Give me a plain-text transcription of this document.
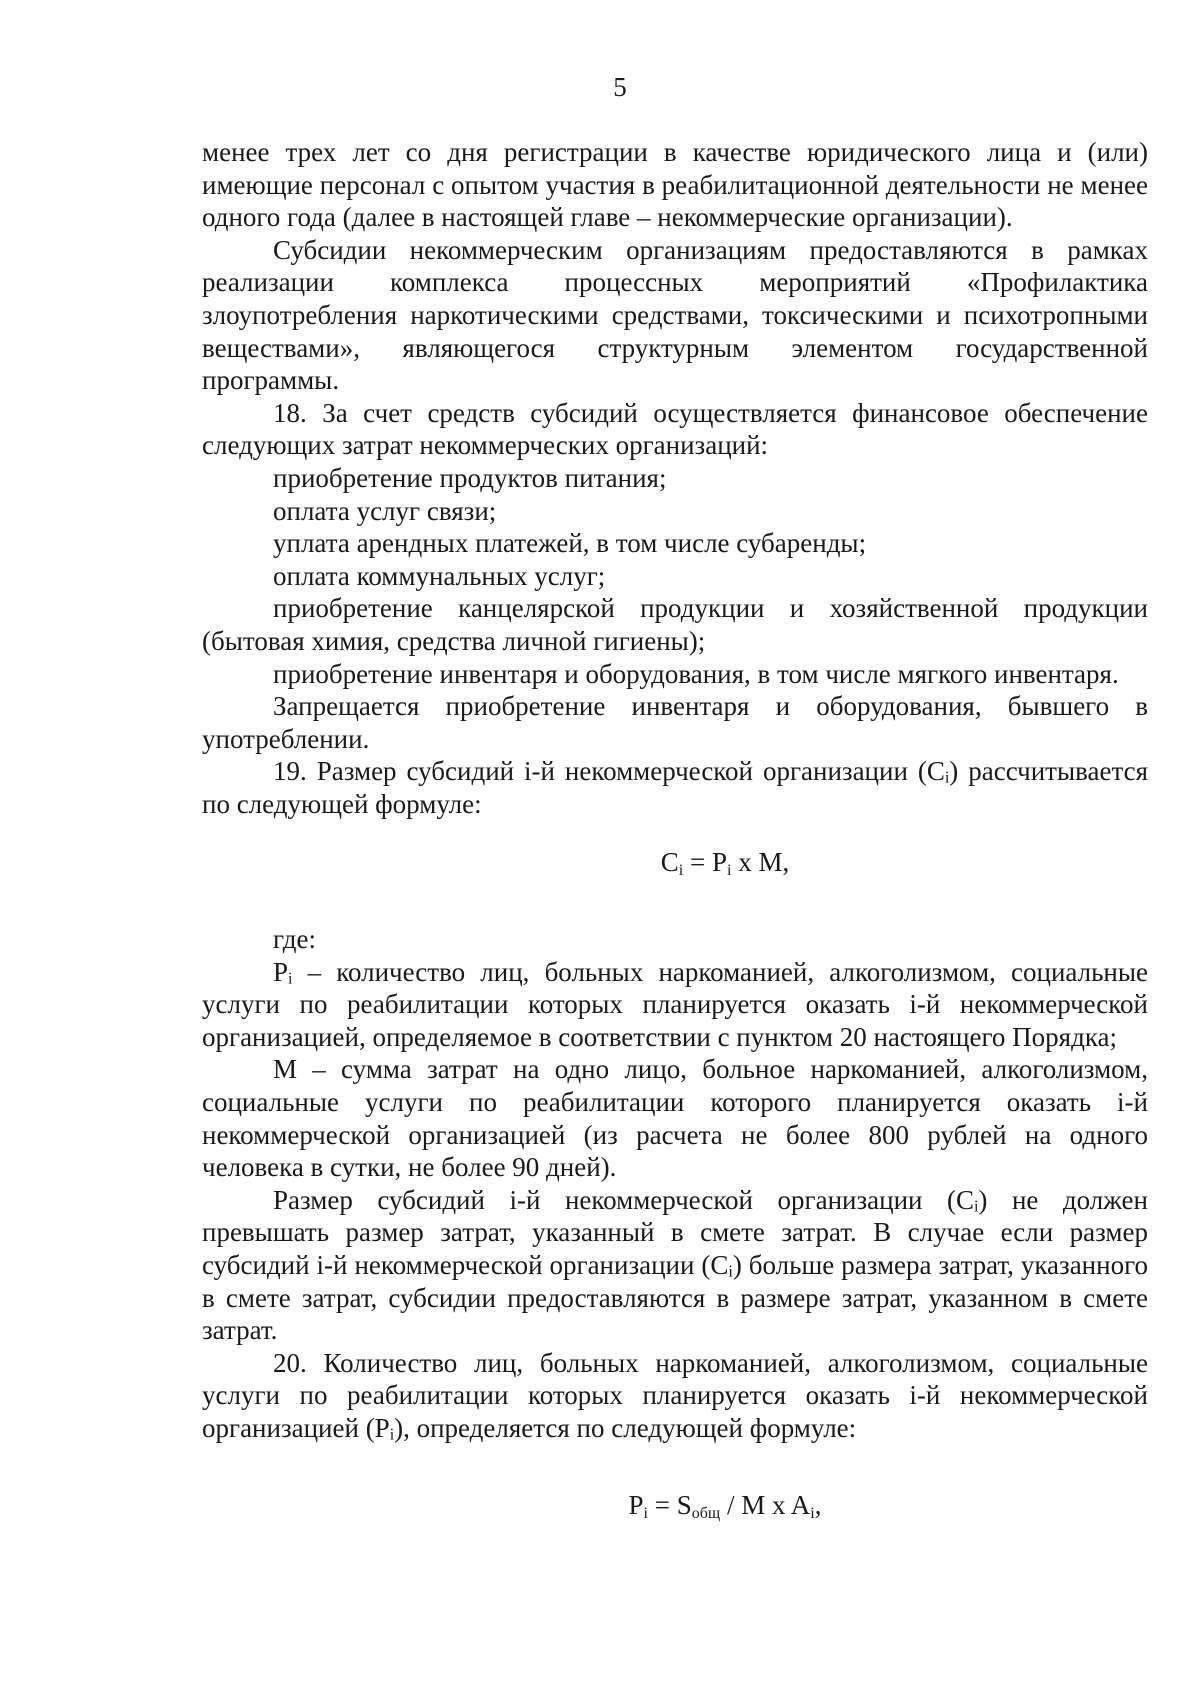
5

менее трех лет со дня регистрации в качестве юридического лица и (или) имеющие персонал с опытом участия в реабилитационной деятельности не менее одного года (далее в настоящей главе – некоммерческие организации).

Субсидии некоммерческим организациям предоставляются в рамках реализации комплекса процессных мероприятий «Профилактика злоупотребления наркотическими средствами, токсическими и психотропными веществами», являющегося структурным элементом государственной программы.

18. За счет средств субсидий осуществляется финансовое обеспечение следующих затрат некоммерческих организаций:

приобретение продуктов питания;

оплата услуг связи;

уплата арендных платежей, в том числе субаренды;

оплата коммунальных услуг;

приобретение канцелярской продукции и хозяйственной продукции (бытовая химия, средства личной гигиены);

приобретение инвентаря и оборудования, в том числе мягкого инвентаря.

Запрещается приобретение инвентаря и оборудования, бывшего в употреблении.

19. Размер субсидий i-й некоммерческой организации (Cᵢ) рассчитывается по следующей формуле:

$C_i = P_i$ x M,

где:

Pᵢ – количество лиц, больных наркоманией, алкоголизмом, социальные услуги по реабилитации которых планируется оказать i-й некоммерческой организацией, определяемое в соответствии с пунктом 20 настоящего Порядка;

М – сумма затрат на одно лицо, больное наркоманией, алкоголизмом, социальные услуги по реабилитации которого планируется оказать i-й некоммерческой организацией (из расчета не более 800 рублей на одного человека в сутки, не более 90 дней).

Размер субсидий i-й некоммерческой организации (Cᵢ) не должен превышать размер затрат, указанный в смете затрат. В случае если размер субсидий i-й некоммерческой организации (Cᵢ) больше размера затрат, указанного в смете затрат, субсидии предоставляются в размере затрат, указанном в смете затрат.

20. Количество лиц, больных наркоманией, алкоголизмом, социальные услуги по реабилитации которых планируется оказать i-й некоммерческой организацией (Pᵢ), определяется по следующей формуле:

$P_i = S_{общ} / M$ x $A_i$,
